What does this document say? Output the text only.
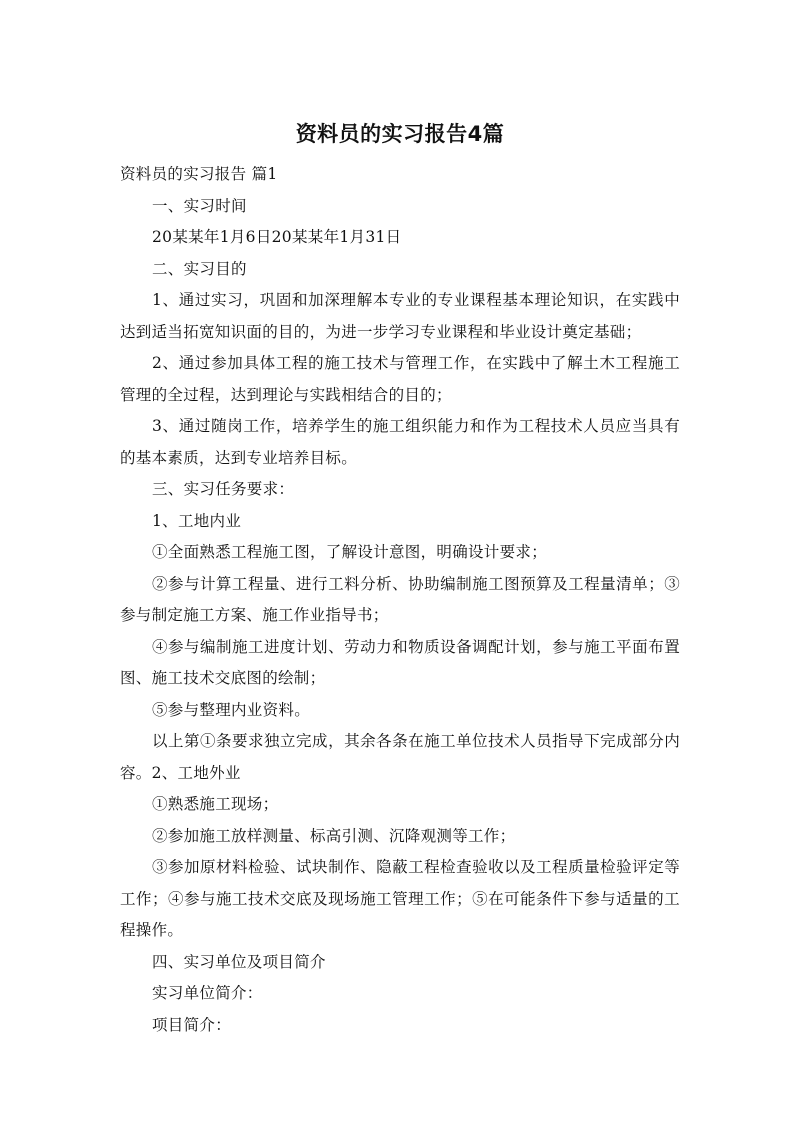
资料员的实习报告4篇

资料员的实习报告 篇1

一、实习时间

20某某年1月6日20某某年1月31日

二、实习目的

1、通过实习，巩固和加深理解本专业的专业课程基本理论知识，在实践中达到适当拓宽知识面的目的，为进一步学习专业课程和毕业设计奠定基础；

2、通过参加具体工程的施工技术与管理工作，在实践中了解土木工程施工管理的全过程，达到理论与实践相结合的目的；

3、通过随岗工作，培养学生的施工组织能力和作为工程技术人员应当具有的基本素质，达到专业培养目标。

三、实习任务要求：

1、工地内业

①全面熟悉工程施工图，了解设计意图，明确设计要求；

②参与计算工程量、进行工料分析、协助编制施工图预算及工程量清单；③参与制定施工方案、施工作业指导书；

④参与编制施工进度计划、劳动力和物质设备调配计划，参与施工平面布置图、施工技术交底图的绘制；

⑤参与整理内业资料。

以上第①条要求独立完成，其余各条在施工单位技术人员指导下完成部分内容。2、工地外业

①熟悉施工现场；

②参加施工放样测量、标高引测、沉降观测等工作；

③参加原材料检验、试块制作、隐蔽工程检查验收以及工程质量检验评定等工作；④参与施工技术交底及现场施工管理工作；⑤在可能条件下参与适量的工程操作。

四、实习单位及项目简介

实习单位简介：

项目简介：
